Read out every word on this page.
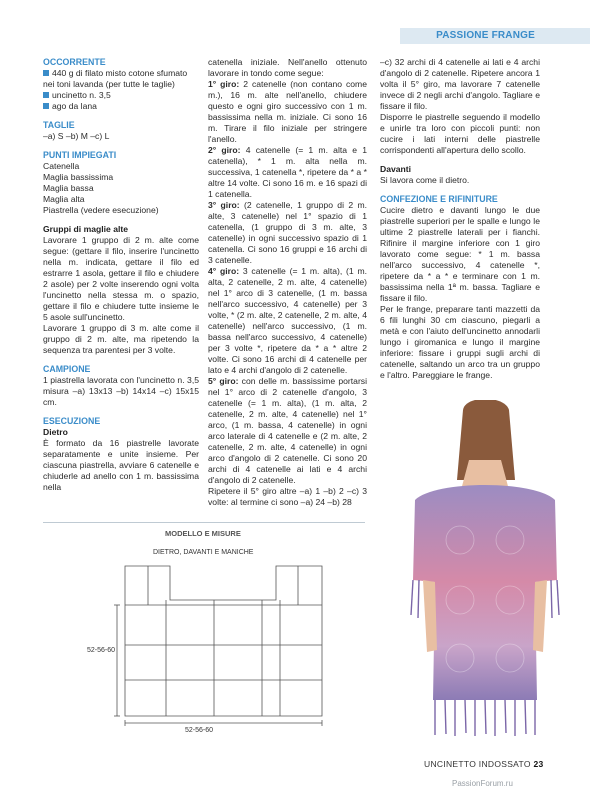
PASSIONE FRANGE

OCCORRENTE

440 g di filato misto cotone sfumato nei toni lavanda (per tutte le taglie)

uncinetto n. 3,5

ago da lana

TAGLIE

–a) S –b) M –c) L

PUNTI IMPIEGATI

Catenella

Maglia bassissima

Maglia bassa

Maglia alta

Piastrella (vedere esecuzione)

Gruppi di maglie alte

Lavorare 1 gruppo di 2 m. alte come segue: (gettare il filo, inserire l'uncinetto nella m. indicata, gettare il filo ed estrarre 1 asola, gettare il filo e chiudere 2 asole) per 2 volte inserendo ogni volta l'uncinetto nella stessa m. o spazio, gettare il filo e chiudere tutte insieme le 5 asole sull'uncinetto.

Lavorare 1 gruppo di 3 m. alte come il gruppo di 2 m. alte, ma ripetendo la sequenza tra parentesi per 3 volte.

CAMPIONE

1 piastrella lavorata con l'uncinetto n. 3,5 misura –a) 13x13 –b) 14x14 –c) 15x15 cm.

ESECUZIONE

Dietro

È formato da 16 piastrelle lavorate separatamente e unite insieme. Per ciascuna piastrella, avviare 6 catenelle e chiuderle ad anello con 1 m. bassissima nella

catenella iniziale. Nell'anello ottenuto lavorare in tondo come segue:

1° giro: 2 catenelle (non contano come m.), 16 m. alte nell'anello, chiudere questo e ogni giro successivo con 1 m. bassissima nella m. iniziale. Ci sono 16 m. Tirare il filo iniziale per stringere l'anello.

2° giro: 4 catenelle (= 1 m. alta e 1 catenella), * 1 m. alta nella m. successiva, 1 catenella *, ripetere da * a * altre 14 volte. Ci sono 16 m. e 16 spazi di 1 catenella.

3° giro: (2 catenelle, 1 gruppo di 2 m. alte, 3 catenelle) nel 1° spazio di 1 catenella, (1 gruppo di 3 m. alte, 3 catenelle) in ogni successivo spazio di 1 catenella. Ci sono 16 gruppi e 16 archi di 3 catenelle.

4° giro: 3 catenelle (= 1 m. alta), (1 m. alta, 2 catenelle, 2 m. alte, 4 catenelle) nel 1° arco di 3 catenelle, (1 m. bassa nell'arco successivo, 4 catenelle) per 3 volte, * (2 m. alte, 2 catenelle, 2 m. alte, 4 catenelle) nell'arco successivo, (1 m. bassa nell'arco successivo, 4 catenelle) per 3 volte *, ripetere da * a * altre 2 volte. Ci sono 16 archi di 4 catenelle per lato e 4 archi d'angolo di 2 catenelle.

5° giro: con delle m. bassissime portarsi nel 1° arco di 2 catenelle d'angolo, 3 catenelle (= 1 m. alta), (1 m. alta, 2 catenelle, 2 m. alte, 4 catenelle) nel 1° arco, (1 m. bassa, 4 catenelle) in ogni arco laterale di 4 catenelle e (2 m. alte, 2 catenelle, 2 m. alte, 4 catenelle) in ogni arco d'angolo di 2 catenelle. Ci sono 20 archi di 4 catenelle ai lati e 4 archi d'angolo di 2 catenelle.

Ripetere il 5° giro altre –a) 1 –b) 2 –c) 3 volte: al termine ci sono –a) 24 –b) 28

–c) 32 archi di 4 catenelle ai lati e 4 archi d'angolo di 2 catenelle. Ripetere ancora 1 volta il 5° giro, ma lavorare 7 catenelle invece di 2 negli archi d'angolo. Tagliare e fissare il filo.

Disporre le piastrelle seguendo il modello e unirle tra loro con piccoli punti: non cucire i lati interni delle piastrelle corrispondenti all'apertura dello scollo.

Davanti

Si lavora come il dietro.

CONFEZIONE E RIFINITURE

Cucire dietro e davanti lungo le due piastrelle superiori per le spalle e lungo le ultime 2 piastrelle laterali per i fianchi. Rifinire il margine inferiore con 1 giro lavorato come segue: * 1 m. bassa nell'arco successivo, 4 catenelle *, ripetere da * a * e terminare con 1 m. bassissima nella 1ª m. bassa. Tagliare e fissare il filo.

Per le frange, preparare tanti mazzetti da 6 fili lunghi 30 cm ciascuno, piegarli a metà e con l'aiuto dell'uncinetto annodarli lungo i giromanica e lungo il margine inferiore: fissare i gruppi sugli archi di catenelle, saltando un arco tra un gruppo e l'altro. Pareggiare le frange.

MODELLO E MISURE
DIETRO, DAVANTI E MANICHE
52-56-60
52-56-60
UNCINETTO INDOSSATO 23
PassionForum.ru
